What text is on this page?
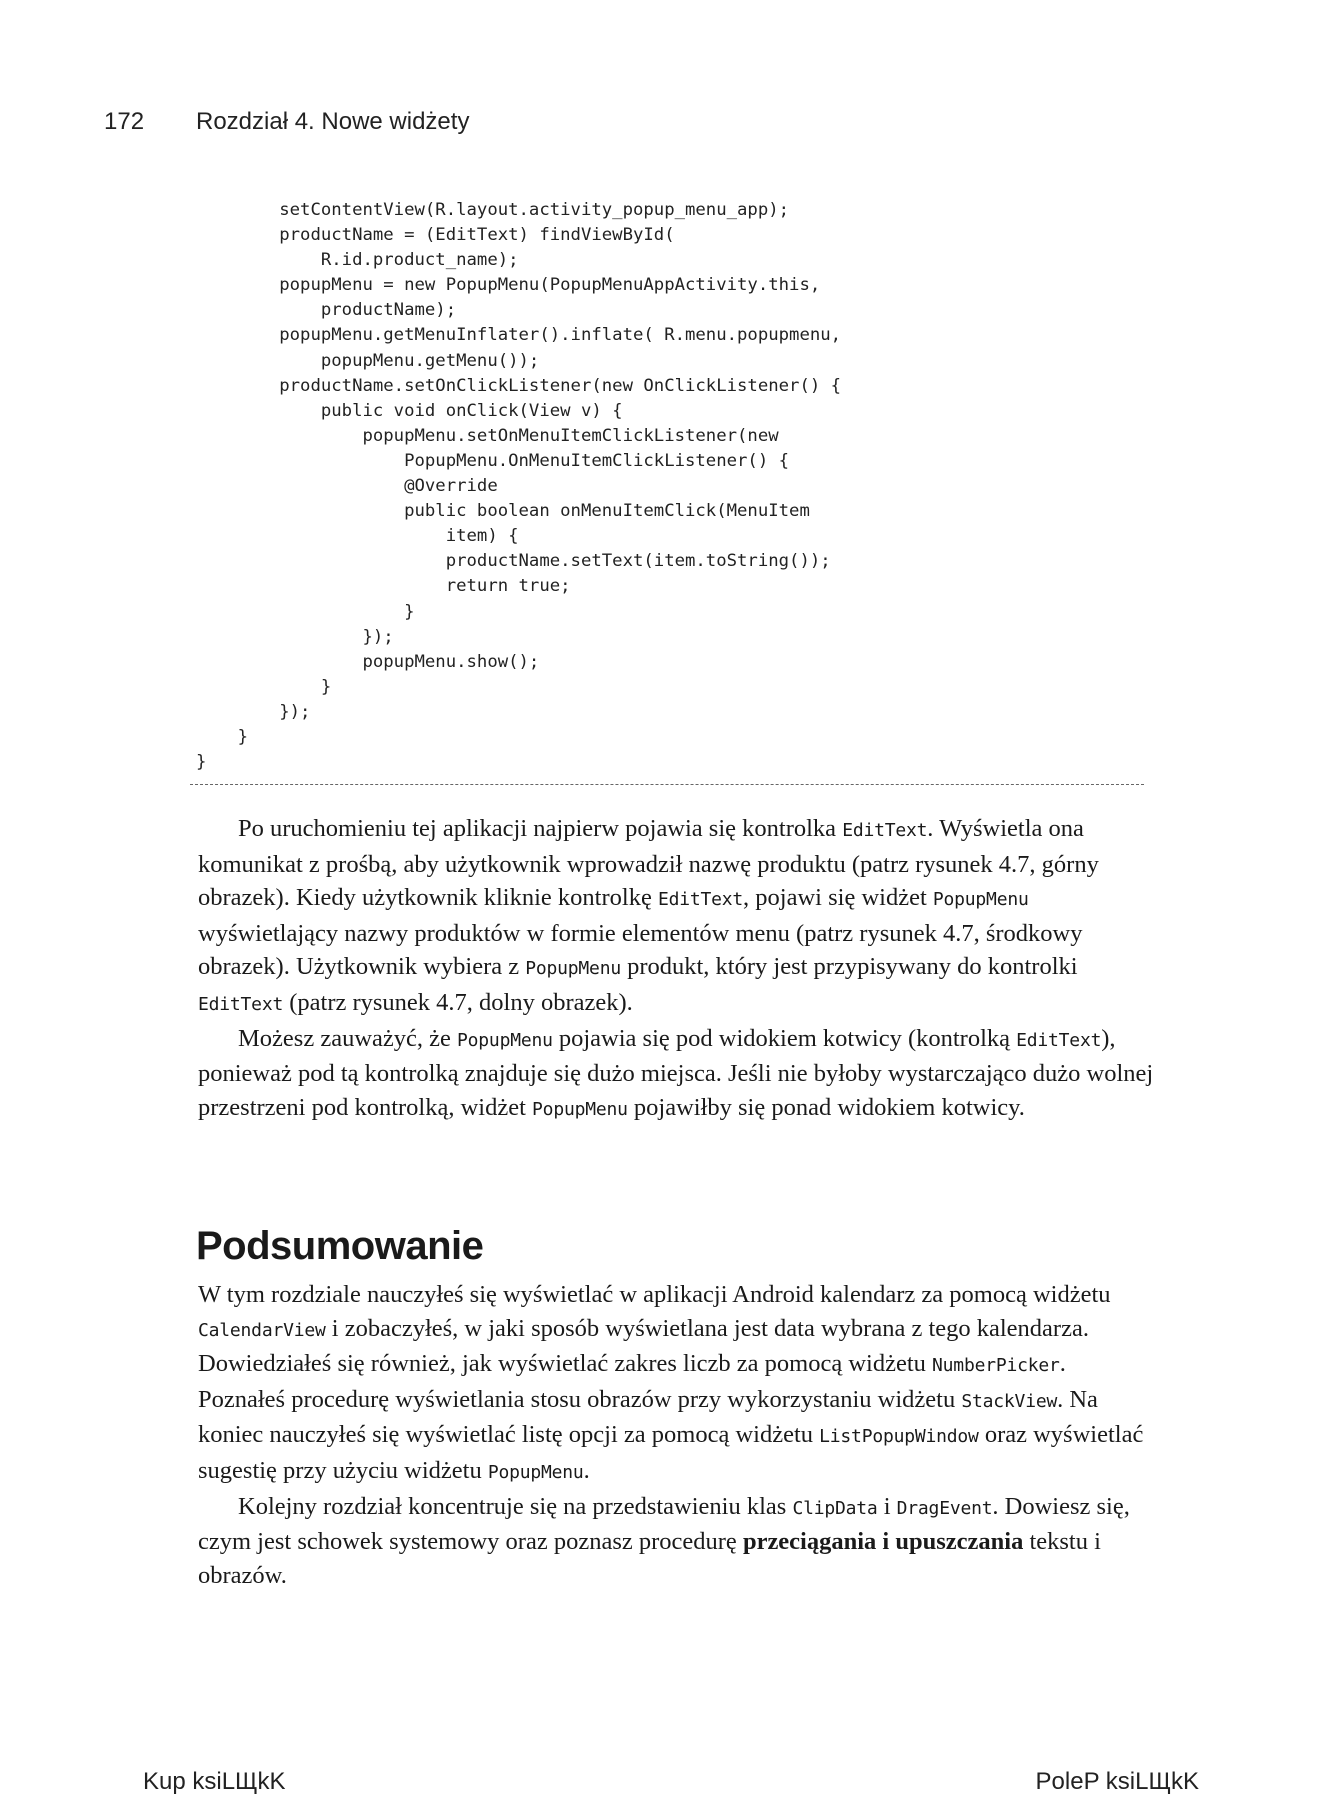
172 Rozdział 4. Nowe widżety
setContentView(R.layout.activity_popup_menu_app);
productName = (EditText) findViewById(
R.id.product_name);
popupMenu = new PopupMenu(PopupMenuAppActivity.this,
productName);
popupMenu.getMenuInflater().inflate( R.menu.popupmenu,
popupMenu.getMenu());
productName.setOnClickListener(new OnClickListener() {
public void onClick(View v) {
popupMenu.setOnMenuItemClickListener(new
PopupMenu.OnMenuItemClickListener() {
@Override
public boolean onMenuItemClick(MenuItem
item) {
productName.setText(item.toString());
return true;
}
});
popupMenu.show();
}
});
}
}

Po uruchomieniu tej aplikacji najpierw pojawia się kontrolka EditText. Wyświetla ona komunikat z prośbą, aby użytkownik wprowadził nazwę produktu (patrz rysunek 4.7, górny obrazek). Kiedy użytkownik kliknie kontrolkę EditText, pojawi się widżet PopupMenu wyświetlający nazwy produktów w formie elementów menu (patrz rysunek 4.7, środkowy obrazek). Użytkownik wybiera z PopupMenu produkt, który jest przypisywany do kontrolki EditText (patrz rysunek 4.7, dolny obrazek).

Możesz zauważyć, że PopupMenu pojawia się pod widokiem kotwicy (kontrolką EditText), ponieważ pod tą kontrolką znajduje się dużo miejsca. Jeśli nie byłoby wystarczająco dużo wolnej przestrzeni pod kontrolką, widżet PopupMenu pojawiłby się ponad widokiem kotwicy.

Podsumowanie

W tym rozdziale nauczyłeś się wyświetlać w aplikacji Android kalendarz za pomocą widżetu CalendarView i zobaczyłeś, w jaki sposób wyświetlana jest data wybrana z tego kalendarza. Dowiedziałeś się również, jak wyświetlać zakres liczb za pomocą widżetu NumberPicker. Poznałeś procedurę wyświetlania stosu obrazów przy wykorzystaniu widżetu StackView. Na koniec nauczyłeś się wyświetlać listę opcji za pomocą widżetu ListPopupWindow oraz wyświetlać sugestię przy użyciu widżetu PopupMenu.

Kolejny rozdział koncentruje się na przedstawieniu klas ClipData i DragEvent. Dowiesz się, czym jest schowek systemowy oraz poznasz procedurę przeciągania i upuszczania tekstu i obrazów.

Kup ksiLЩkK	PoleP ksiLЩkK
